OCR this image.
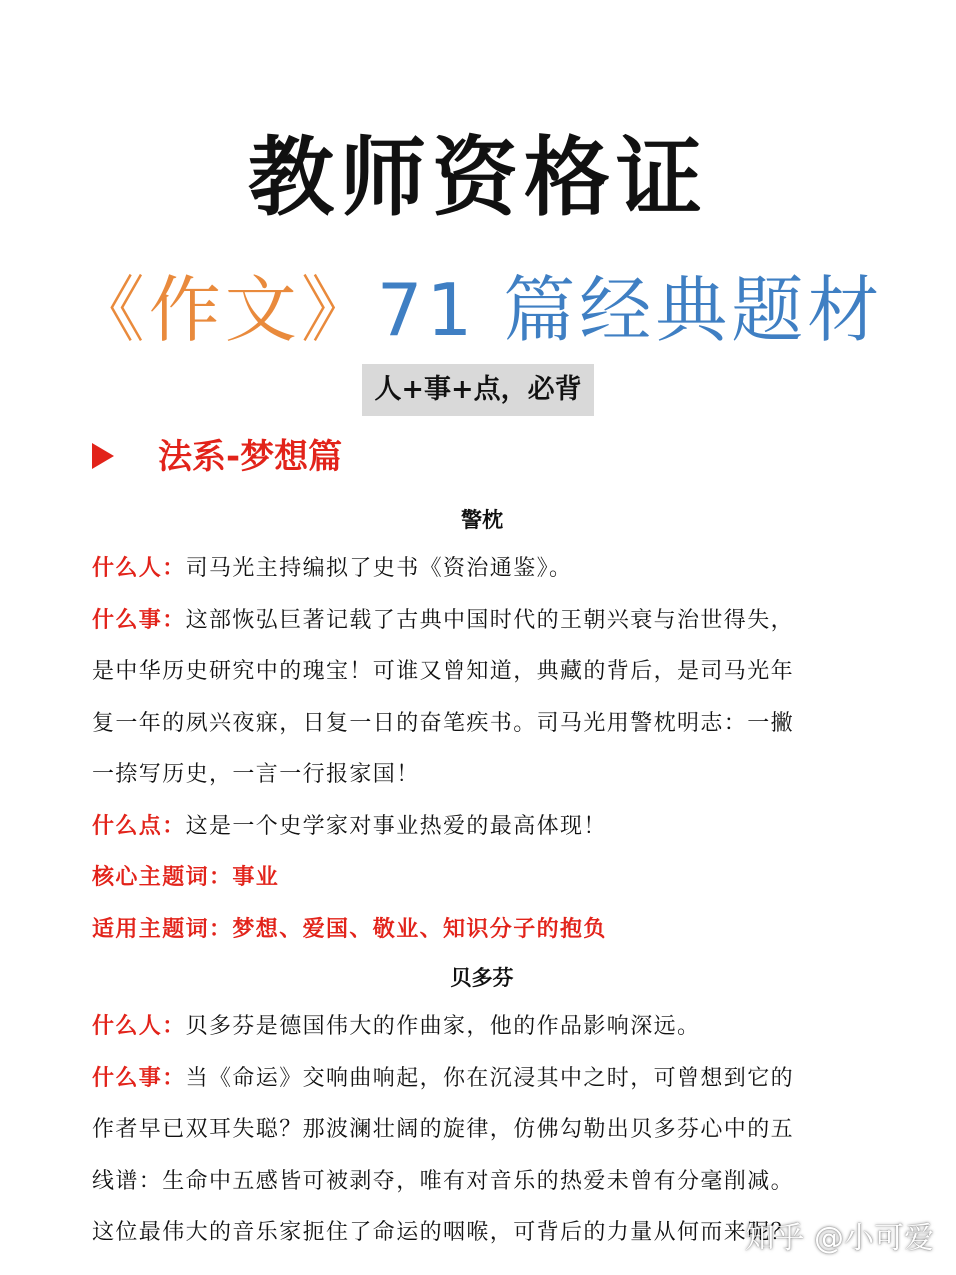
教师资格证
《作文》71 篇经典题材
人+事+点，必背
法系-梦想篇
警枕
什么人：司马光主持编拟了史书《资治通鉴》。
什么事：这部恢弘巨著记载了古典中国时代的王朝兴衰与治世得失，
是中华历史研究中的瑰宝！可谁又曾知道，典藏的背后，是司马光年
复一年的夙兴夜寐，日复一日的奋笔疾书。司马光用警枕明志：一撇
一捺写历史，一言一行报家国！
什么点：这是一个史学家对事业热爱的最高体现！
核心主题词：事业
适用主题词：梦想、爱国、敬业、知识分子的抱负
贝多芬
什么人：贝多芬是德国伟大的作曲家，他的作品影响深远。
什么事：当《命运》交响曲响起，你在沉浸其中之时，可曾想到它的
作者早已双耳失聪？那波澜壮阔的旋律，仿佛勾勒出贝多芬心中的五
线谱：生命中五感皆可被剥夺，唯有对音乐的热爱未曾有分毫削减。
这位最伟大的音乐家扼住了命运的咽喉，可背后的力量从何而来呢？
知乎 @小可爱
